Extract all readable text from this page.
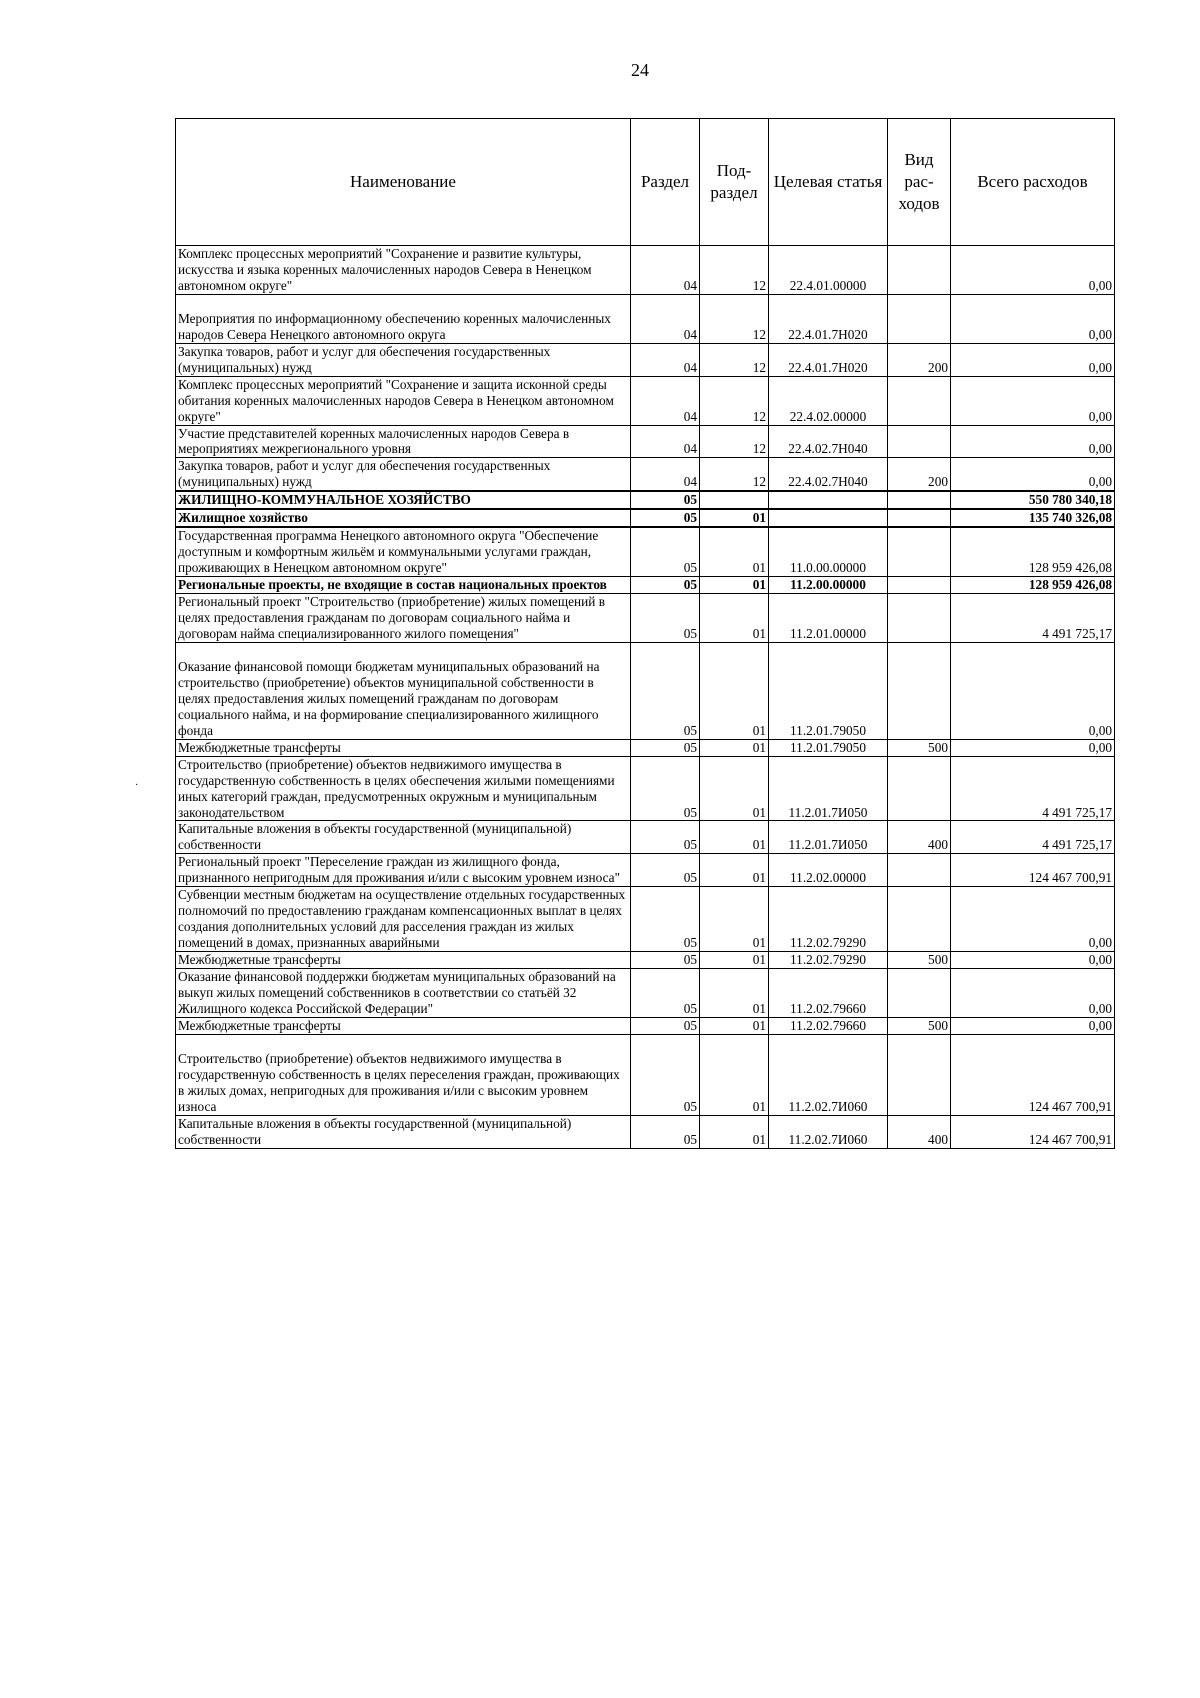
24
·
Наименование	Раздел	Под-раздел	Целевая статья	Вид рас-ходов	Всего расходов
Комплекс процессных мероприятий "Сохранение и развитие культуры, искусства и языка коренных малочисленных народов Севера в Ненецком автономном округе"	04	12	22.4.01.00000		0,00

Мероприятия по информационному обеспечению коренных малочисленных народов Севера Ненецкого автономного округа	04	12	22.4.01.7Н020		0,00
Закупка товаров, работ и услуг для обеспечения государственных (муниципальных) нужд	04	12	22.4.01.7Н020	200	0,00
Комплекс процессных мероприятий "Сохранение и защита исконной среды обитания коренных малочисленных народов Севера в Ненецком автономном округе"	04	12	22.4.02.00000		0,00
Участие представителей коренных малочисленных народов Севера в мероприятиях межрегионального уровня	04	12	22.4.02.7Н040		0,00
Закупка товаров, работ и услуг для обеспечения государственных (муниципальных) нужд	04	12	22.4.02.7Н040	200	0,00
ЖИЛИЩНО-КОММУНАЛЬНОЕ ХОЗЯЙСТВО	05				550 780 340,18
Жилищное хозяйство	05	01			135 740 326,08
Государственная программа Ненецкого автономного округа "Обеспечение доступным и комфортным жильём и коммунальными услугами граждан, проживающих в Ненецком автономном округе"	05	01	11.0.00.00000		128 959 426,08
Региональные проекты, не входящие в состав национальных проектов	05	01	11.2.00.00000		128 959 426,08
Региональный проект "Строительство (приобретение) жилых помещений в целях предоставления гражданам по договорам социального найма и договорам найма специализированного жилого помещения"	05	01	11.2.01.00000		4 491 725,17

Оказание финансовой помощи бюджетам муниципальных образований на строительство (приобретение) объектов муниципальной собственности в целях предоставления жилых помещений гражданам по договорам социального найма, и на формирование специализированного жилищного фонда	05	01	11.2.01.79050		0,00
Межбюджетные трансферты	05	01	11.2.01.79050	500	0,00
Строительство (приобретение) объектов недвижимого имущества в государственную собственность в целях обеспечения жилыми помещениями иных категорий граждан, предусмотренных окружным и муниципальным законодательством	05	01	11.2.01.7И050		4 491 725,17
Капитальные вложения в объекты государственной (муниципальной) собственности	05	01	11.2.01.7И050	400	4 491 725,17
Региональный проект "Переселение граждан из жилищного фонда, признанного непригодным для проживания и/или с высоким уровнем износа"	05	01	11.2.02.00000		124 467 700,91
Субвенции местным бюджетам на осуществление отдельных государственных полномочий по предоставлению гражданам компенсационных выплат в целях создания дополнительных условий для расселения граждан из жилых помещений в домах, признанных аварийными	05	01	11.2.02.79290		0,00
Межбюджетные трансферты	05	01	11.2.02.79290	500	0,00
Оказание финансовой поддержки бюджетам муниципальных образований на выкуп жилых помещений собственников в соответствии со статьёй 32 Жилищного кодекса Российской Федерации"	05	01	11.2.02.79660		0,00
Межбюджетные трансферты	05	01	11.2.02.79660	500	0,00

Строительство (приобретение) объектов недвижимого имущества в государственную собственность в целях переселения граждан, проживающих в жилых домах, непригодных для проживания и/или с высоким уровнем износа	05	01	11.2.02.7И060		124 467 700,91
Капитальные вложения в объекты государственной (муниципальной) собственности	05	01	11.2.02.7И060	400	124 467 700,91
